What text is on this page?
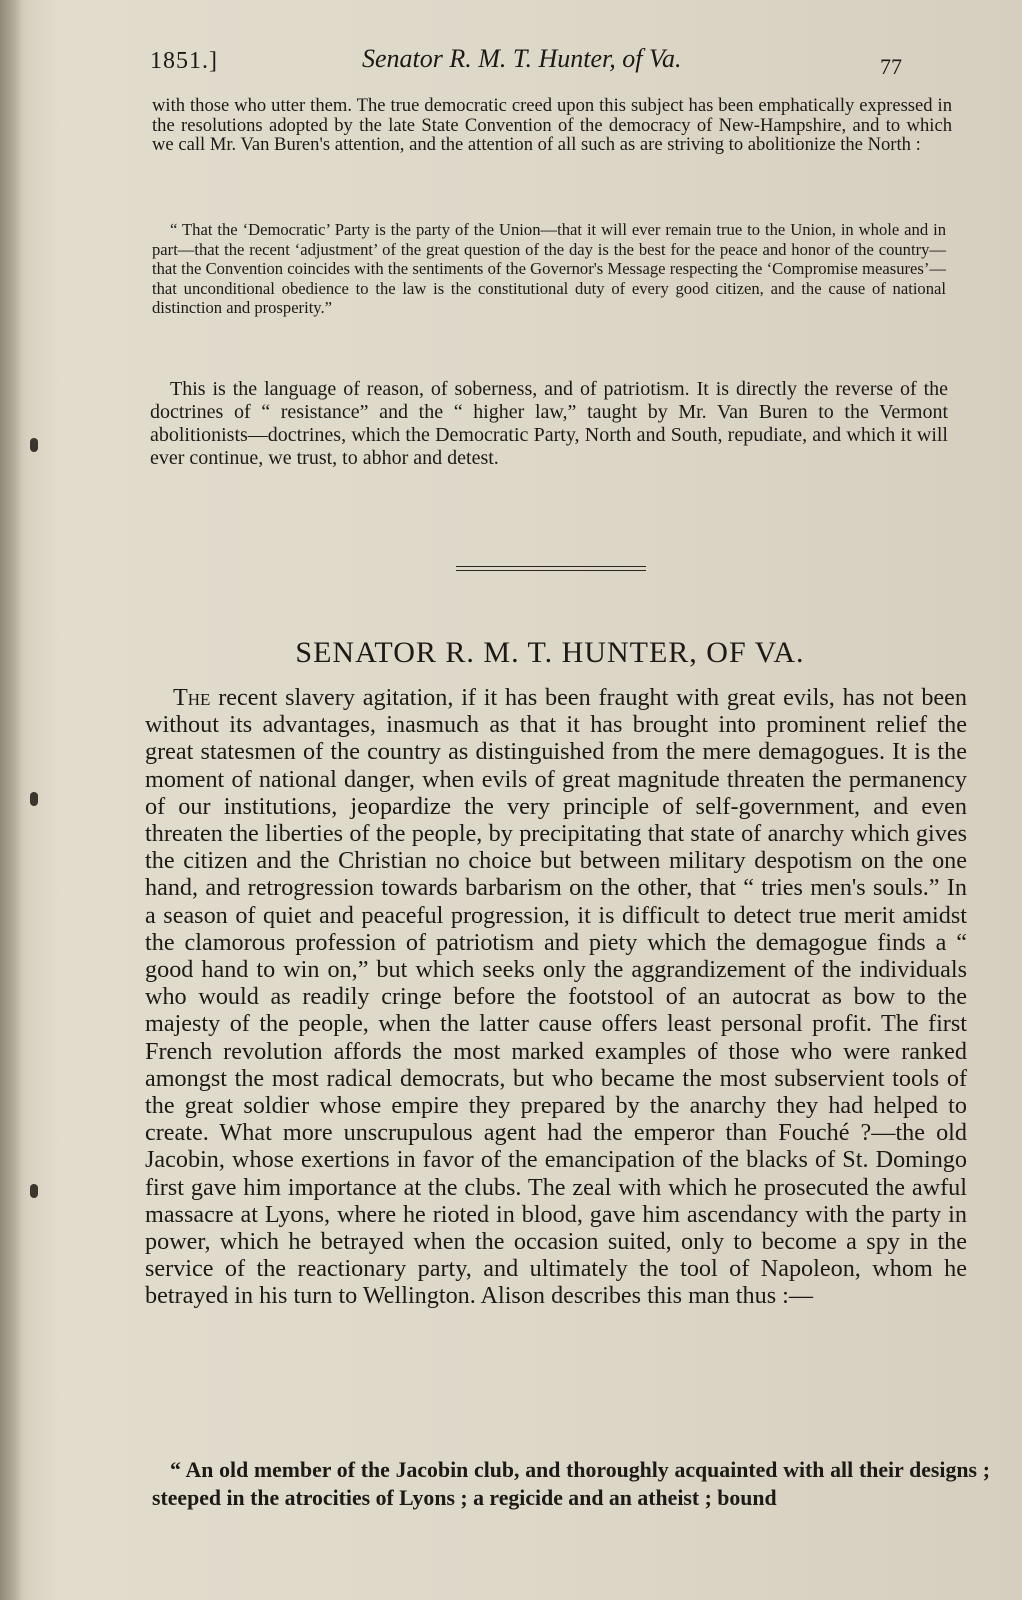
1851.]	Senator R. M. T. Hunter, of Va.	77

with those who utter them. The true democratic creed upon this subject has been emphatically expressed in the resolutions adopted by the late State Convention of the democracy of New-Hampshire, and to which we call Mr. Van Buren's attention, and the attention of all such as are striving to abolitionize the North :

“ That the ‘Democratic’ Party is the party of the Union—that it will ever remain true to the Union, in whole and in part—that the recent ‘adjustment’ of the great question of the day is the best for the peace and honor of the country—that the Convention coincides with the sentiments of the Governor's Message respecting the ‘Compromise measures’—that unconditional obedience to the law is the constitutional duty of every good citizen, and the cause of national distinction and prosperity.”

This is the language of reason, of soberness, and of patriotism. It is directly the reverse of the doctrines of “ resistance” and the “ higher law,” taught by Mr. Van Buren to the Vermont abolitionists—doctrines, which the Democratic Party, North and South, repudiate, and which it will ever continue, we trust, to abhor and detest.

SENATOR R. M. T. HUNTER, OF VA.

The recent slavery agitation, if it has been fraught with great evils, has not been without its advantages, inasmuch as that it has brought into prominent relief the great statesmen of the country as distinguished from the mere demagogues. It is the moment of national danger, when evils of great magnitude threaten the permanency of our institutions, jeopardize the very principle of self-government, and even threaten the liberties of the people, by precipitating that state of anarchy which gives the citizen and the Christian no choice but between military despotism on the one hand, and retrogression towards barbarism on the other, that “ tries men's souls.” In a season of quiet and peaceful progression, it is difficult to detect true merit amidst the clamorous profession of patriotism and piety which the demagogue finds a “ good hand to win on,” but which seeks only the aggrandizement of the individuals who would as readily cringe before the footstool of an autocrat as bow to the majesty of the people, when the latter cause offers least personal profit. The first French revolution affords the most marked examples of those who were ranked amongst the most radical democrats, but who became the most subservient tools of the great soldier whose empire they prepared by the anarchy they had helped to create. What more unscrupulous agent had the emperor than Fouché ?—the old Jacobin, whose exertions in favor of the emancipation of the blacks of St. Domingo first gave him importance at the clubs. The zeal with which he prosecuted the awful massacre at Lyons, where he rioted in blood, gave him ascendancy with the party in power, which he betrayed when the occasion suited, only to become a spy in the service of the reactionary party, and ultimately the tool of Napoleon, whom he betrayed in his turn to Wellington. Alison describes this man thus :—

“ An old member of the Jacobin club, and thoroughly acquainted with all their designs ; steeped in the atrocities of Lyons ; a regicide and an atheist ; bound
